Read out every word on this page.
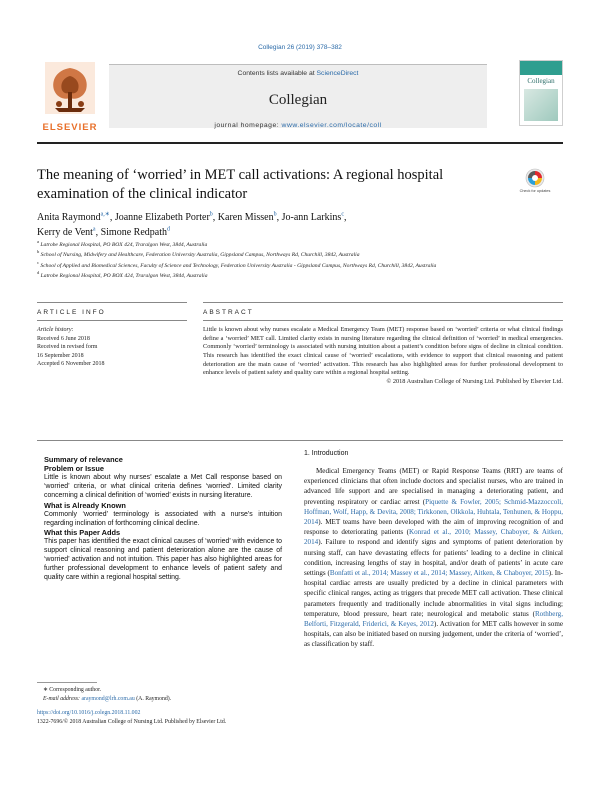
Collegian 26 (2019) 378–382
ELSEVIER
Contents lists available at ScienceDirect
Collegian
journal homepage: www.elsevier.com/locate/coll
Collegian
The meaning of ‘worried’ in MET call activations: A regional hospital examination of the clinical indicator	Check for updates
Anita Raymond$^{a,∗}$, Joanne Elizabeth Porter$^b$, Karen Missen$^b$, Jo-ann Larkins$^c$,
Kerry de Vent$^a$, Simone Redpath$^d$
$^a$ Latrobe Regional Hospital, PO BOX 424, Traralgon West, 3844, Australia
$^b$ School of Nursing, Midwifery and Healthcare, Federation University Australia, Gippsland Campus, Northways Rd, Churchill, 3842, Australia
$^c$ School of Applied and Biomedical Sciences, Faculty of Science and Technology, Federation University Australia - Gippsland Campus, Northways Rd, Churchill, 3842, Australia
$^d$ Latrobe Regional Hospital, PO BOX 424, Traralgon West, 3844, Australia
ARTICLE INFO	ABSTRACT
Article history:
Received 6 June 2018
Received in revised form
16 September 2018
Accepted 6 November 2018
Little is known about why nurses escalate a Medical Emergency Team (MET) response based on ‘worried’ criteria or what clinical findings define a ‘worried’ MET call. Limited clarity exists in nursing literature regarding the clinical definition of ‘worried’ in medical emergencies. Commonly ‘worried’ terminology is associated with nursing intuition about a patient’s condition before signs of decline in clinical condition. This research has identified the exact clinical cause of ‘worried’ escalations, with evidence to support that clinical reasoning and patient deterioration are the main cause of ‘worried’ activation. This research has also highlighted areas for further professional development to enhance levels of patient safety and quality care within a regional hospital setting.
© 2018 Australian College of Nursing Ltd. Published by Elsevier Ltd.
Summary of relevance
Problem or Issue

Little is known about why nurses’ escalate a Met Call response based on ‘worried’ criteria, or what clinical criteria defines ‘worried’. Limited clarity concerning a clinical definition of ‘worried’ exists in nursing literature.

What is Already Known

Commonly ‘worried’ terminology is associated with a nurse’s intuition regarding inclination of forthcoming clinical decline.

What this Paper Adds

This paper has identified the exact clinical causes of ‘worried’ with evidence to support clinical reasoning and patient deterioration alone are the cause of ‘worried’ activation and not intuition. This paper has also highlighted areas for further professional development to enhance levels of patient safety and quality care within a regional hospital setting.

∗ Corresponding author.
E-mail address: araymond@lrh.com.au (A. Raymond).
https://doi.org/10.1016/j.colegn.2018.11.002
1322-7696/© 2018 Australian College of Nursing Ltd. Published by Elsevier Ltd.
1. Introduction
Medical Emergency Teams (MET) or Rapid Response Teams (RRT) are teams of experienced clinicians that often include doctors and specialist nurses, who are trained in advanced life support and are specialised in managing a deteriorating patient, and preventing respiratory or cardiac arrest (Piquette & Fowler, 2005; Schmid-Mazzoccoli, Hoffman, Wolf, Happ, & Devita, 2008; Tirkkonen, Olkkola, Huhtala, Tenhunen, & Hoppu, 2014). MET teams have been developed with the aim of improving recognition of and response to deteriorating patients (Konrad et al., 2010; Massey, Chaboyer, & Aitken, 2014). Failure to respond and identify signs and symptoms of patient deterioration by nursing staff, can have devastating effects for patients’ leading to a decline in clinical condition, increasing lengths of stay in hospital, and/or death of patients’ in acute care settings (Bonfatti et al., 2014; Massey et al., 2014; Massey, Aitken, & Chaboyer, 2015). In-hospital cardiac arrests are usually predicted by a decline in clinical parameters with specific clinical ranges, acting as triggers that precede MET call activation. These clinical parameters frequently and traditionally include abnormalities in vital signs including; temperature, blood pressure, heart rate; neurological and metabolic status (Rothberg, Belforti, Fitzgerald, Friderici, & Keyes, 2012). Activation for MET calls however in some hospitals, can also be initiated based on nursing judgement, under the criteria of ‘worried’, as classification by staff.
